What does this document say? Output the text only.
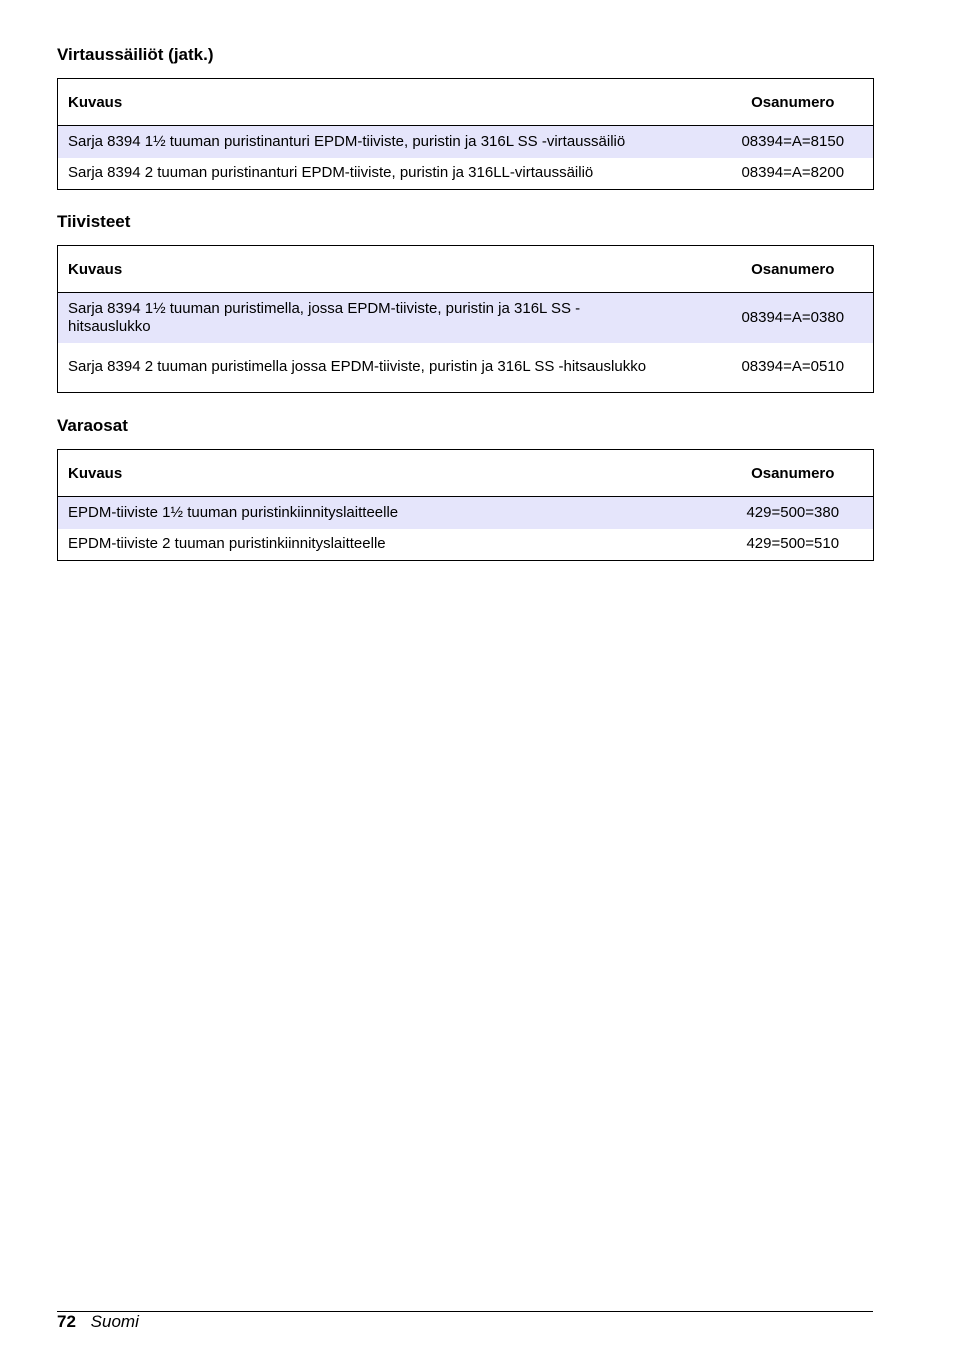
Virtaussäiliöt (jatk.)
Kuvaus	Osanumero
Sarja 8394 1½ tuuman puristinanturi EPDM-tiiviste, puristin ja 316L SS -virtaussäiliö	08394=A=8150
Sarja 8394 2 tuuman puristinanturi EPDM-tiiviste, puristin ja 316LL-virtaussäiliö	08394=A=8200
Tiivisteet
Kuvaus	Osanumero
Sarja 8394 1½ tuuman puristimella, jossa EPDM-tiiviste, puristin ja 316L SS -hitsauslukko	08394=A=0380
Sarja 8394 2 tuuman puristimella jossa EPDM-tiiviste, puristin ja 316L SS -hitsauslukko	08394=A=0510
Varaosat
Kuvaus	Osanumero
EPDM-tiiviste 1½ tuuman puristinkiinnityslaitteelle	429=500=380
EPDM-tiiviste 2 tuuman puristinkiinnityslaitteelle	429=500=510
72 Suomi
